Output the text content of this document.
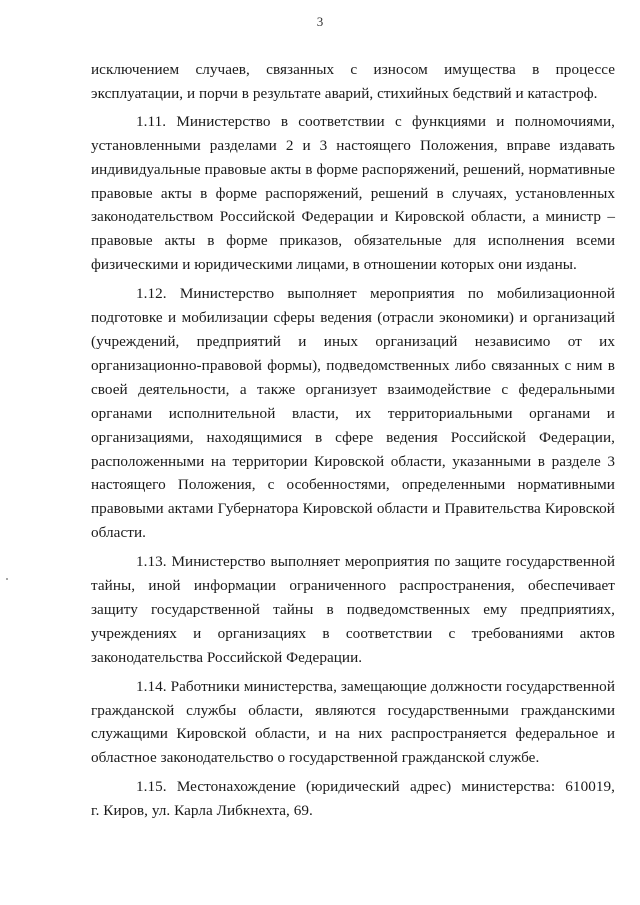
3

исключением случаев, связанных с износом имущества в процессе эксплуатации, и порчи в результате аварий, стихийных бедствий и катастроф.

1.11. Министерство в соответствии с функциями и полномочиями, установленными разделами 2 и 3 настоящего Положения, вправе издавать индивидуальные правовые акты в форме распоряжений, решений, нормативные правовые акты в форме распоряжений, решений в случаях, установленных законодательством Российской Федерации и Кировской области, а министр – правовые акты в форме приказов, обязательные для исполнения всеми физическими и юридическими лицами, в отношении которых они изданы.

1.12. Министерство выполняет мероприятия по мобилизационной подготовке и мобилизации сферы ведения (отрасли экономики) и организаций (учреждений, предприятий и иных организаций независимо от их организационно-правовой формы), подведомственных либо связанных с ним в своей деятельности, а также организует взаимодействие с федеральными органами исполнительной власти, их территориальными органами и организациями, находящимися в сфере ведения Российской Федерации, расположенными на территории Кировской области, указанными в разделе 3 настоящего Положения, с особенностями, определенными нормативными правовыми актами Губернатора Кировской области и Правительства Кировской области.

1.13. Министерство выполняет мероприятия по защите государственной тайны, иной информации ограниченного распространения, обеспечивает защиту государственной тайны в подведомственных ему предприятиях, учреждениях и организациях в соответствии с требованиями актов законодательства Российской Федерации.

1.14. Работники министерства, замещающие должности государственной гражданской службы области, являются государственными гражданскими служащими Кировской области, и на них распространяется федеральное и областное законодательство о государственной гражданской службе.

1.15. Местонахождение (юридический адрес) министерства: 610019,

г. Киров, ул. Карла Либкнехта, 69.
